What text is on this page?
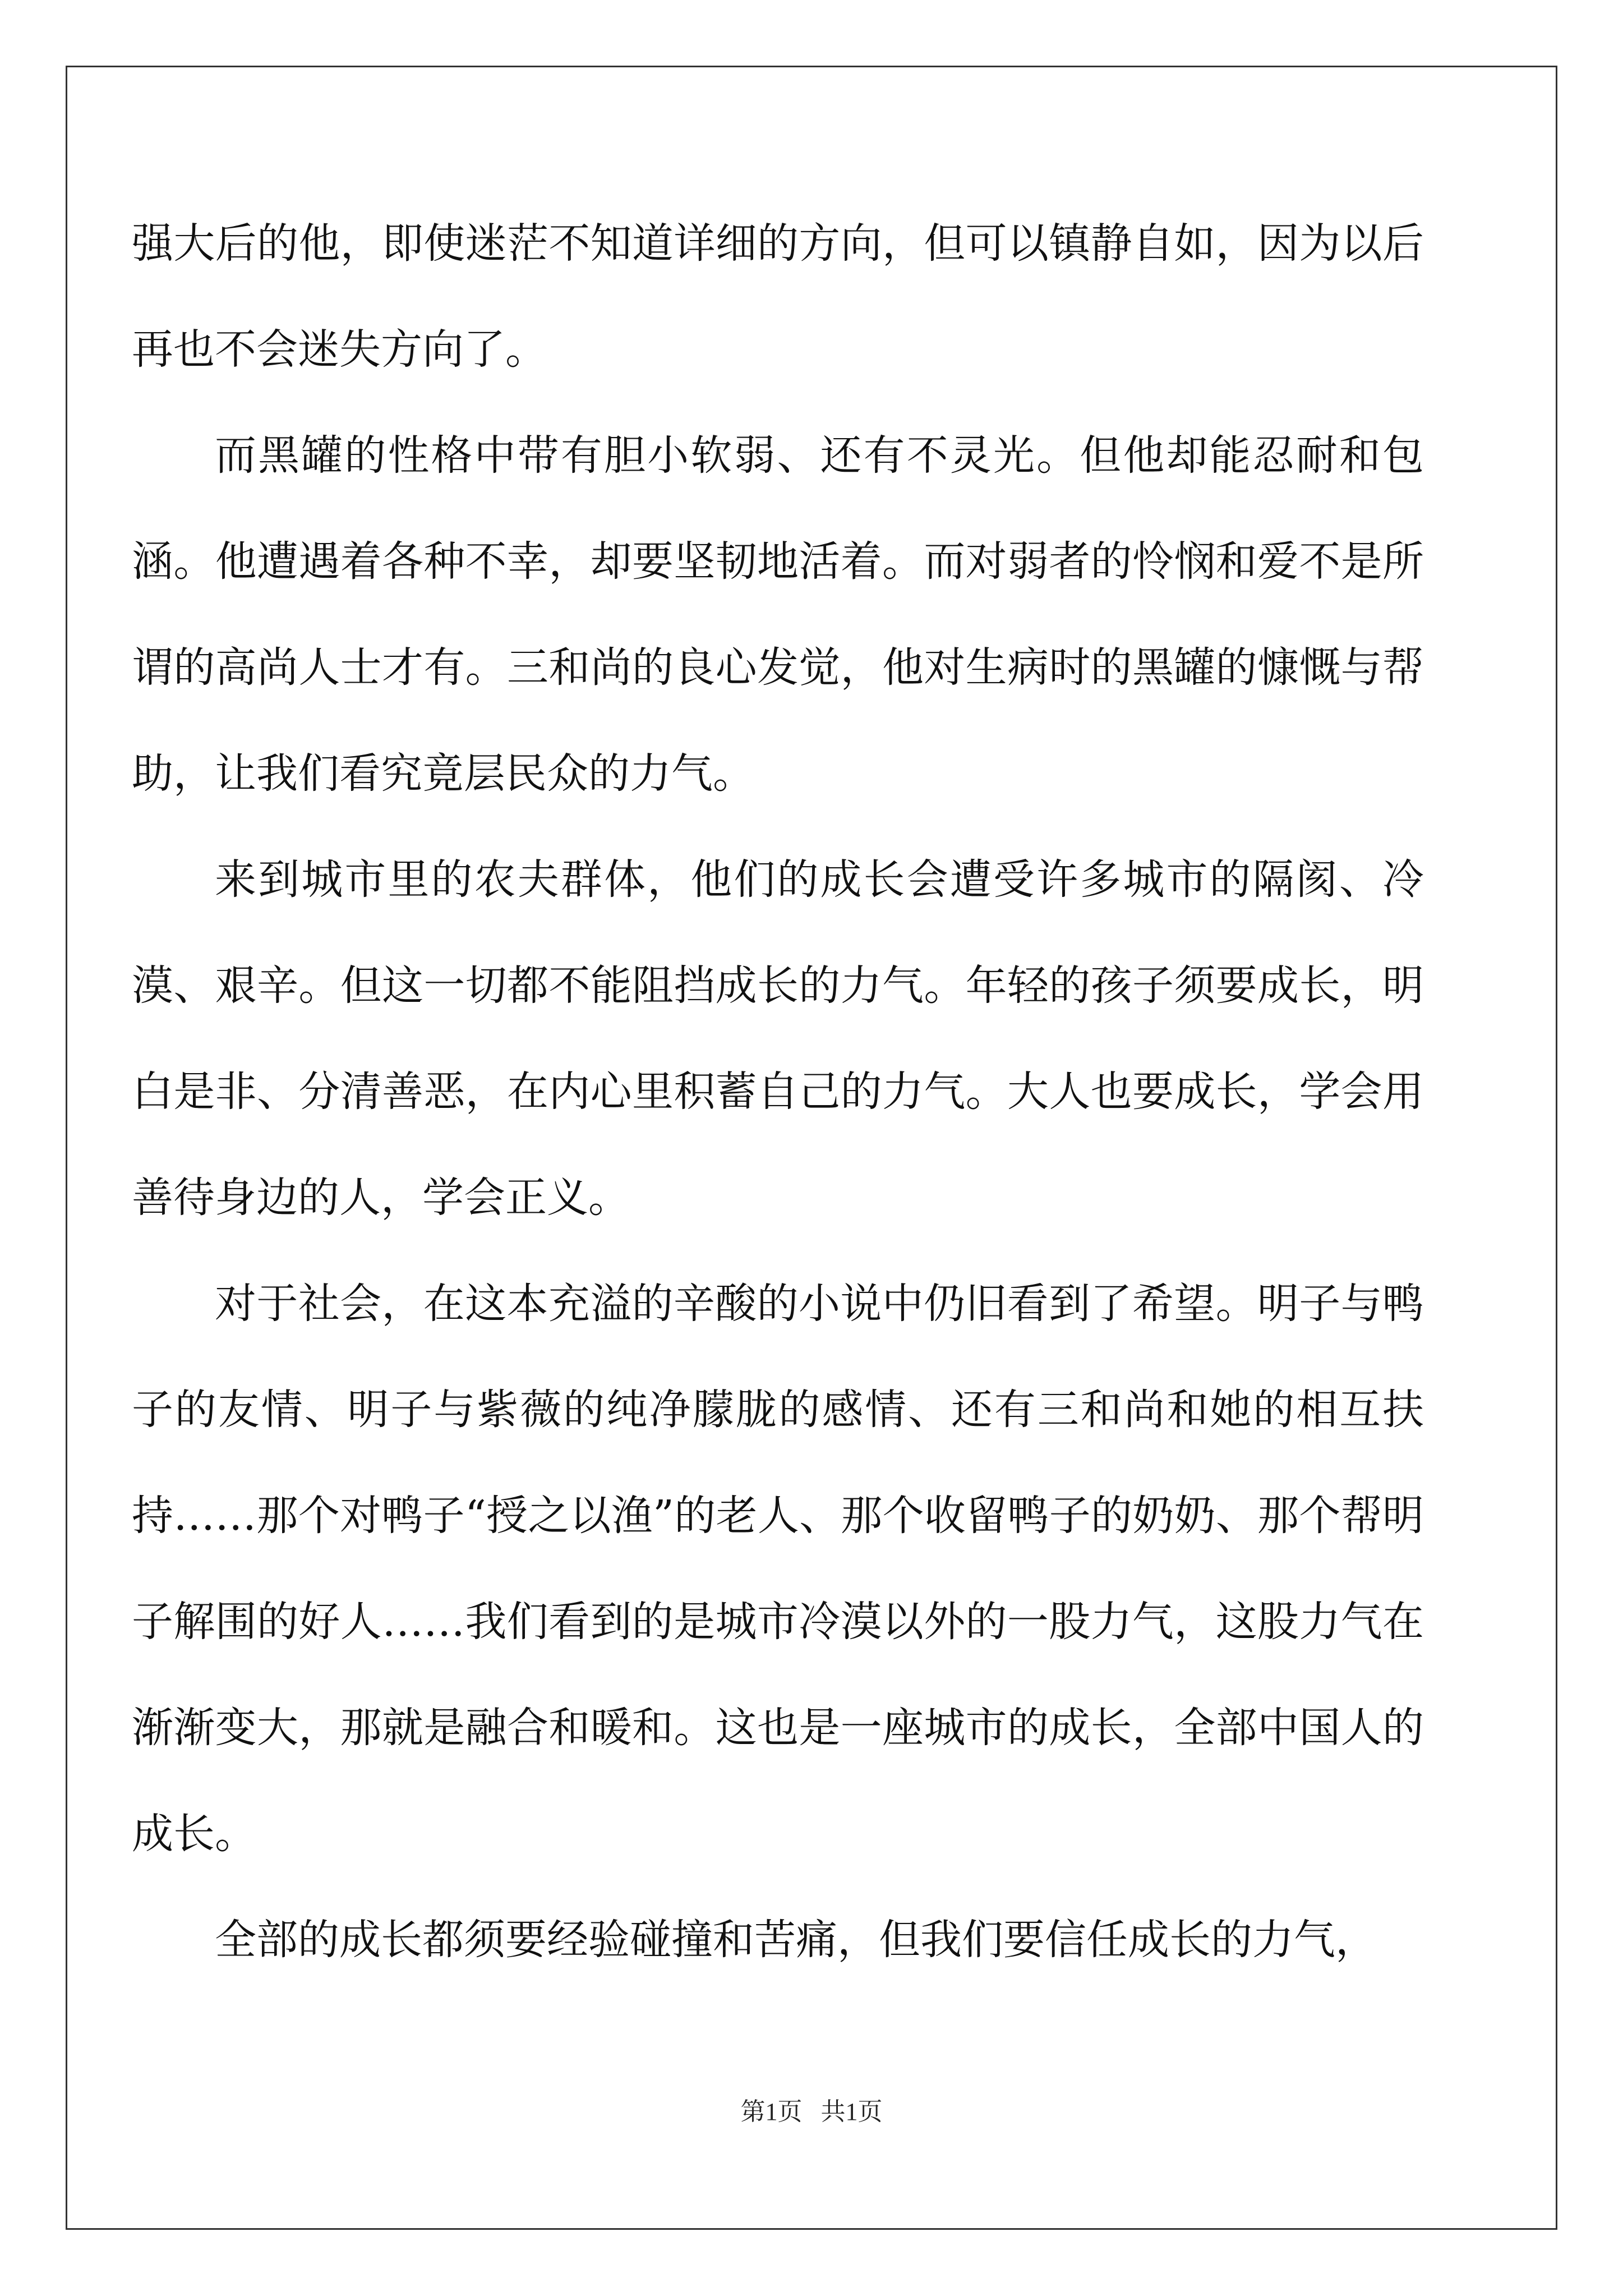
强大后的他，即使迷茫不知道详细的方向，但可以镇静自如，因为以后再也不会迷失方向了。

而黑罐的性格中带有胆小软弱、还有不灵光。但他却能忍耐和包涵。他遭遇着各种不幸，却要坚韧地活着。而对弱者的怜悯和爱不是所谓的高尚人士才有。三和尚的良心发觉，他对生病时的黑罐的慷慨与帮助，让我们看究竟层民众的力气。

来到城市里的农夫群体，他们的成长会遭受许多城市的隔阂、冷漠、艰辛。但这一切都不能阻挡成长的力气。年轻的孩子须要成长，明白是非、分清善恶，在内心里积蓄自己的力气。大人也要成长，学会用善待身边的人，学会正义。

对于社会，在这本充溢的辛酸的小说中仍旧看到了希望。明子与鸭子的友情、明子与紫薇的纯净朦胧的感情、还有三和尚和她的相互扶持……那个对鸭子“授之以渔”的老人、那个收留鸭子的奶奶、那个帮明子解围的好人……我们看到的是城市冷漠以外的一股力气，这股力气在渐渐变大，那就是融合和暖和。这也是一座城市的成长，全部中国人的成长。

全部的成长都须要经验碰撞和苦痛，但我们要信任成长的力气，

第1页   共1页
